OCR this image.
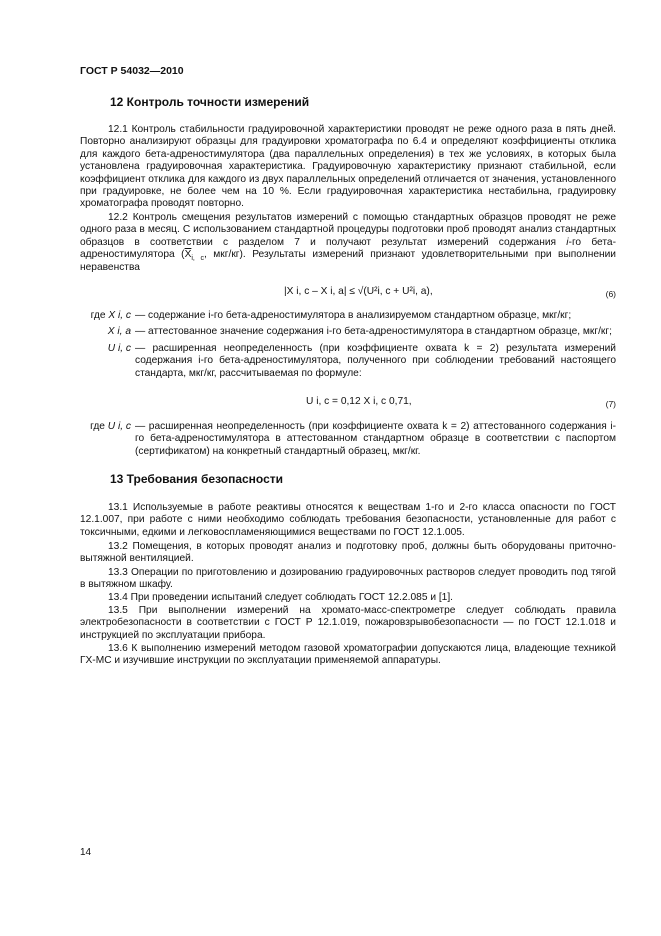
ГОСТ Р 54032—2010
12 Контроль точности измерений
12.1 Контроль стабильности градуировочной характеристики проводят не реже одного раза в пять дней. Повторно анализируют образцы для градуировки хроматографа по 6.4 и определяют коэффициенты отклика для каждого бета-адреностимулятора (два параллельных определения) в тех же условиях, в которых была установлена градуировочная характеристика. Градуировочную характеристику признают стабильной, если коэффициент отклика для каждого из двух параллельных определений отличается от значения, установленного при градуировке, не более чем на 10 %. Если градуировочная характеристика нестабильна, градуировку хроматографа проводят повторно.
12.2 Контроль смещения результатов измерений с помощью стандартных образцов проводят не реже одного раза в месяц. С использованием стандартной процедуры подготовки проб проводят анализ стандартных образцов в соответствии с разделом 7 и получают результат измерений содержания i-го бета-адреностимулятора ($\overline{X}_{i, c}$, мкг/кг). Результаты измерений признают удовлетворительными при выполнении неравенства
|X i, c – X i, a| ≤ √(U²i, c + U²i, a),	(6)
где X i, c — содержание i-го бета-адреностимулятора в анализируемом стандартном образце, мкг/кг;
X i, a — аттестованное значение содержания i-го бета-адреностимулятора в стандартном образце, мкг/кг;
U i, c — расширенная неопределенность (при коэффициенте охвата k = 2) результата измерений содержания i-го бета-адреностимулятора, полученного при соблюдении требований настоящего стандарта, мкг/кг, рассчитываемая по формуле:
U i, c = 0,12 X i, c 0,71,	(7)
где U i, c — расширенная неопределенность (при коэффициенте охвата k = 2) аттестованного содержания i-го бета-адреностимулятора в аттестованном стандартном образце в соответствии с паспортом (сертификатом) на конкретный стандартный образец, мкг/кг.
13 Требования безопасности
13.1 Используемые в работе реактивы относятся к веществам 1-го и 2-го класса опасности по ГОСТ 12.1.007, при работе с ними необходимо соблюдать требования безопасности, установленные для работ с токсичными, едкими и легковоспламеняющимися веществами по ГОСТ 12.1.005.
13.2 Помещения, в которых проводят анализ и подготовку проб, должны быть оборудованы приточно-вытяжной вентиляцией.
13.3 Операции по приготовлению и дозированию градуировочных растворов следует проводить под тягой в вытяжном шкафу.
13.4 При проведении испытаний следует соблюдать ГОСТ 12.2.085 и [1].
13.5 При выполнении измерений на хромато-масс-спектрометре следует соблюдать правила электробезопасности в соответствии с ГОСТ Р 12.1.019, пожаровзрывобезопасности — по ГОСТ 12.1.018 и инструкцией по эксплуатации прибора.
13.6 К выполнению измерений методом газовой хроматографии допускаются лица, владеющие техникой ГХ-МС и изучившие инструкции по эксплуатации применяемой аппаратуры.
14
